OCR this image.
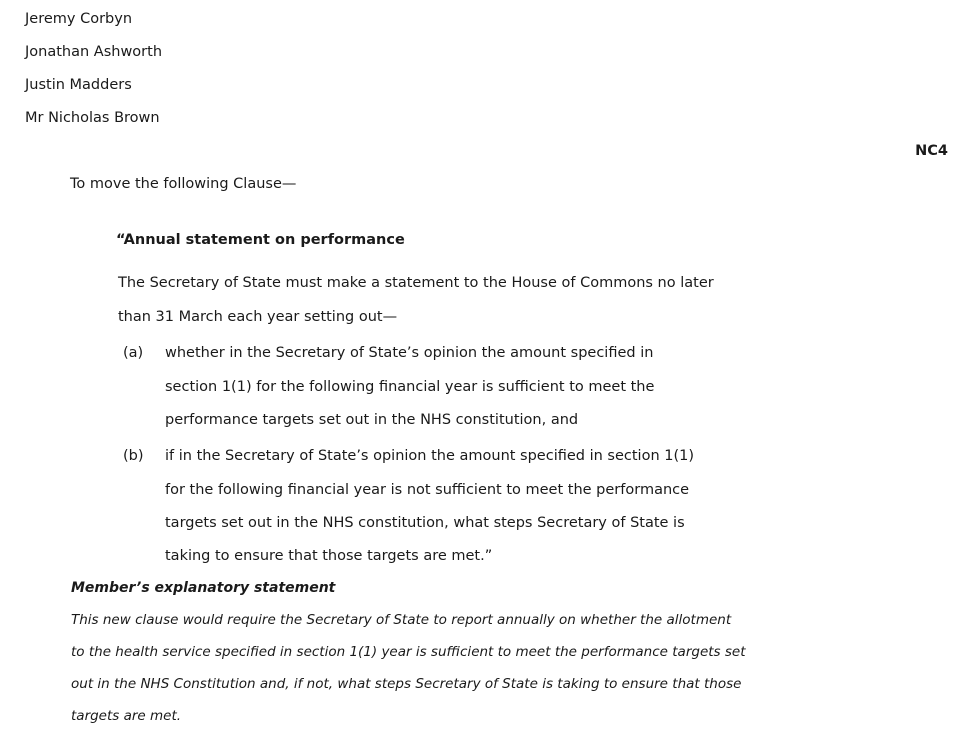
Jeremy Corbyn
Jonathan Ashworth
Justin Madders
Mr Nicholas Brown
NC4
To move the following Clause—
“Annual statement on performance
The Secretary of State must make a statement to the House of Commons no later
than 31 March each year setting out—
(a) whether in the Secretary of State’s opinion the amount specified in
section 1(1) for the following financial year is sufficient to meet the
performance targets set out in the NHS constitution, and
(b) if in the Secretary of State’s opinion the amount specified in section 1(1)
for the following financial year is not sufficient to meet the performance
targets set out in the NHS constitution, what steps Secretary of State is
taking to ensure that those targets are met.”
Member’s explanatory statement
This new clause would require the Secretary of State to report annually on whether the allotment
to the health service specified in section 1(1) year is sufficient to meet the performance targets set
out in the NHS Constitution and, if not, what steps Secretary of State is taking to ensure that those
targets are met.
